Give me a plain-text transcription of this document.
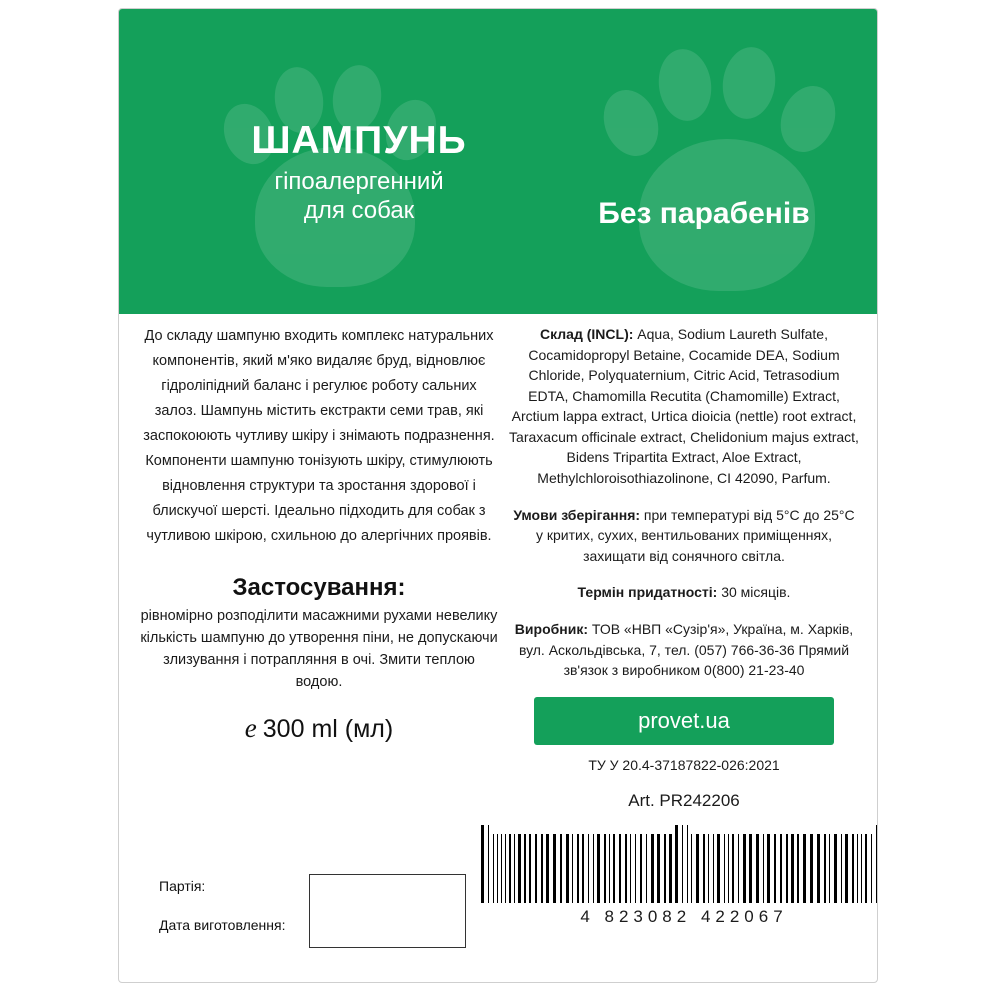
ШАМПУНЬ
гіпоалергенний
для собак	Без парабенів
До складу шампуню входить комплекс натуральних компонентів, який м'яко видаляє бруд, відновлює гідроліпідний баланс і регулює роботу сальних залоз. Шампунь містить екстракти семи трав, які заспокоюють чутливу шкіру і знімають подразнення. Компоненти шампуню тонізують шкіру, стимулюють відновлення структури та зростання здорової і блискучої шерсті. Ідеально підходить для собак з чутливою шкірою, схильною до алергічних проявів.
Застосування:
рівномірно розподілити масажними рухами невелику кількість шампуню до утворення піни, не допускаючи злизування і потрапляння в очі. Змити теплою водою.
e 300 ml (мл)
Партія:
Дата виготовлення:
Склад (INCL): Aqua, Sodium Laureth Sulfate, Cocamidopropyl Betaine, Cocamide DEA, Sodium Chloride, Polyquaternium, Citric Acid, Tetrasodium EDTA, Chamomilla Recutita (Chamomille) Extract, Arctium lappa extract, Urtica dioicia (nettle) root extract, Taraxacum officinale extract, Chelidonium majus extract, Bidens Tripartita Extract, Aloe Extract, Methylchloroisothiazolinone, CI 42090, Parfum.
Умови зберігання: при температурі від 5°C до 25°C у критих, сухих, вентильованих приміщеннях, захищати від сонячного світла.
Термін придатності: 30 місяців.
Виробник: ТОВ «НВП «Сузір'я», Україна, м. Харків, вул. Аскольдівська, 7, тел. (057) 766-36-36 Прямий зв'язок з виробником 0(800) 21-23-40
provet.ua
ТУ У 20.4-37187822-026:2021
Art. PR242206
4 823082 422067
